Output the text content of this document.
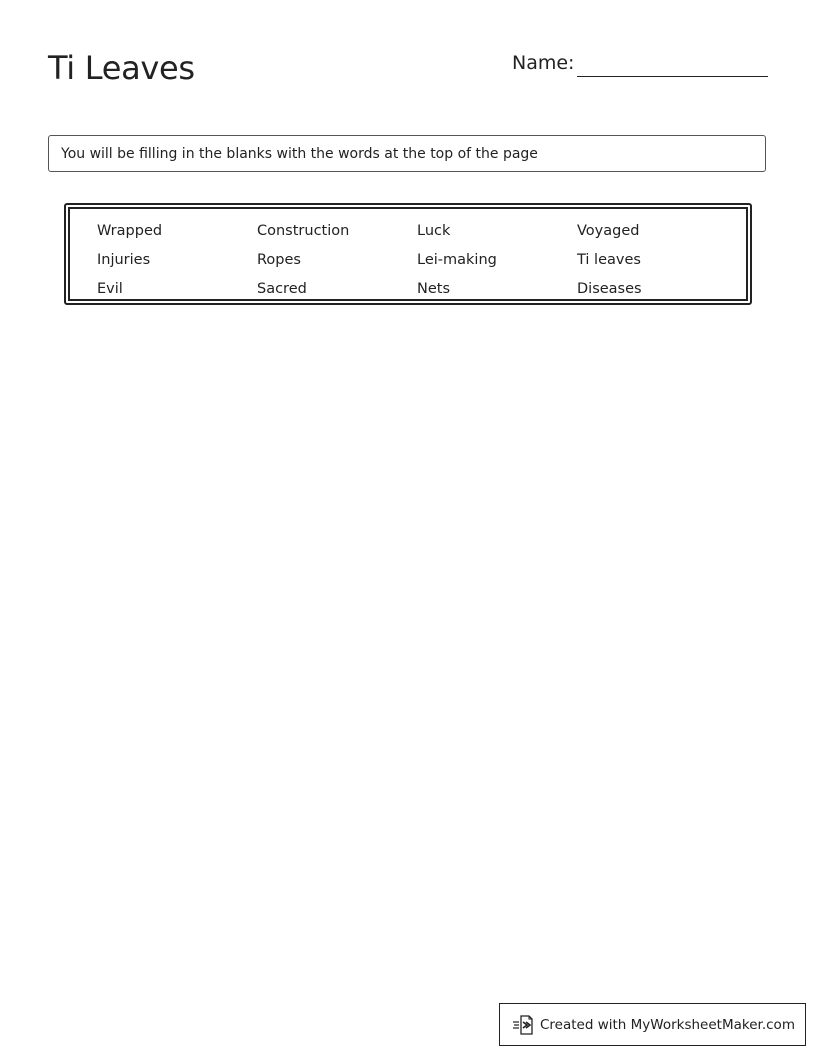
Ti Leaves	Name:
You will be filling in the blanks with the words at the top of the page
Wrapped	Construction	Luck	Voyaged
Injuries	Ropes	Lei-making	Ti leaves
Evil	Sacred	Nets	Diseases
Created with MyWorksheetMaker.com
